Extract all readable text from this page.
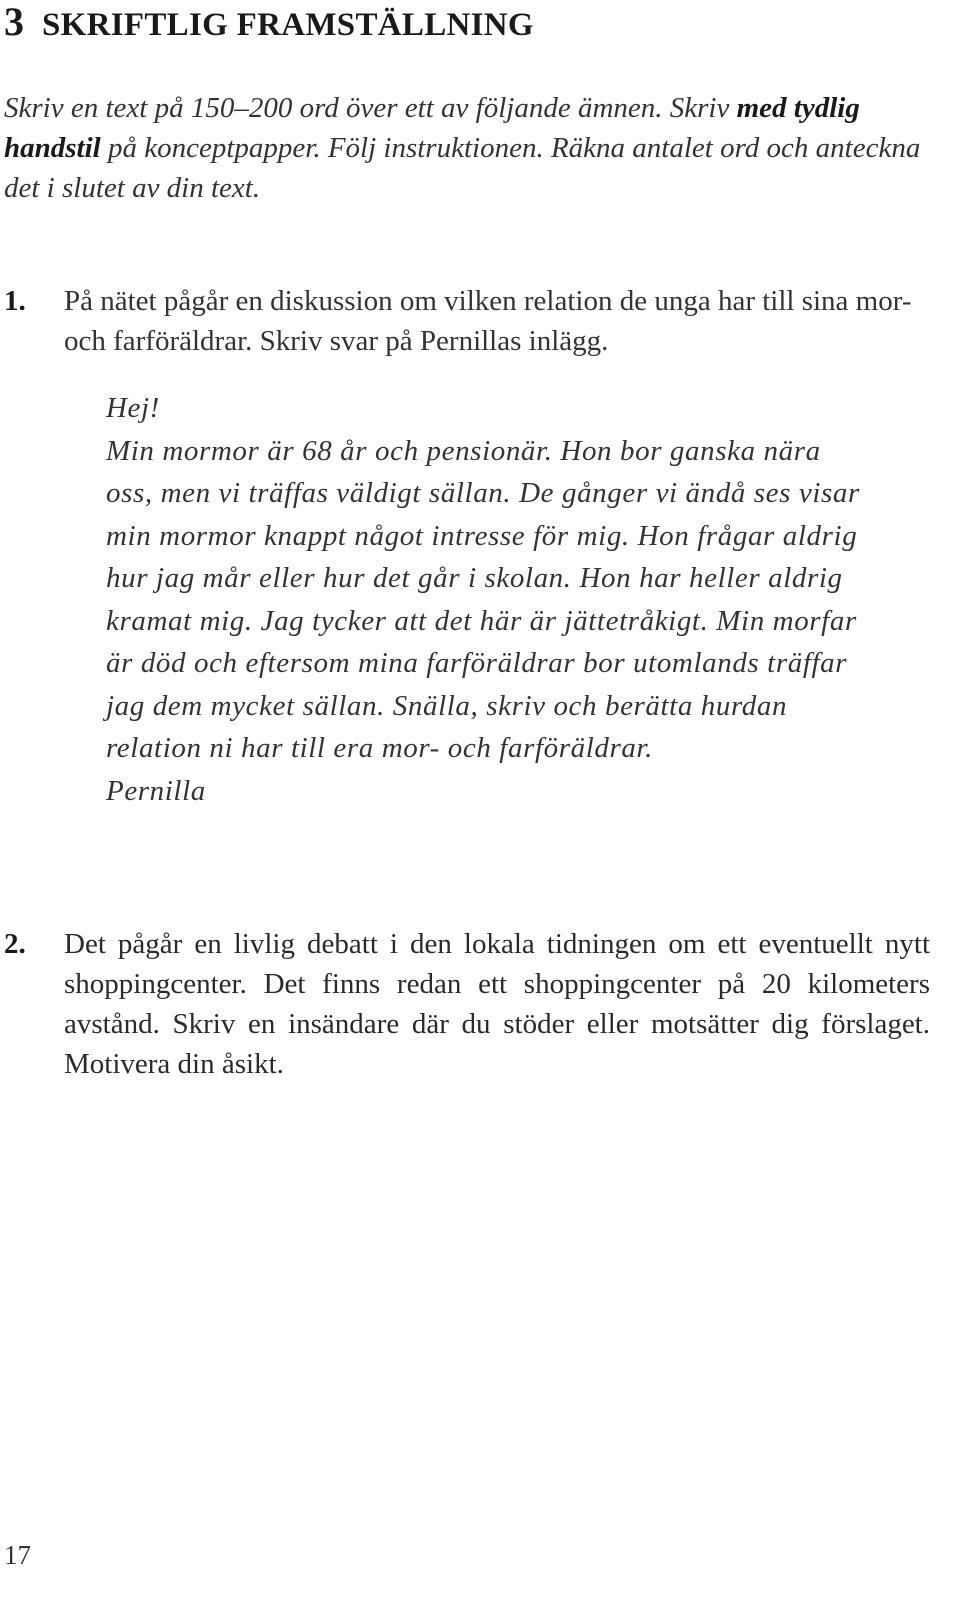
3 SKRIFTLIG FRAMSTÄLLNING

Skriv en text på 150–200 ord över ett av följande ämnen. Skriv med tydlig handstil på konceptpapper. Följ instruktionen. Räkna antalet ord och anteckna det i slutet av din text.

1. På nätet pågår en diskussion om vilken relation de unga har till sina mor- och farföräldrar. Skriv svar på Pernillas inlägg.

Hej!

Min mormor är 68 år och pensionär. Hon bor ganska nära oss, men vi träffas väldigt sällan. De gånger vi ändå ses visar min mormor knappt något intresse för mig. Hon frågar aldrig hur jag mår eller hur det går i skolan. Hon har heller aldrig kramat mig. Jag tycker att det här är jättetråkigt. Min morfar är död och eftersom mina farföräldrar bor utomlands träffar jag dem mycket sällan. Snälla, skriv och berätta hurdan relation ni har till era mor- och farföräldrar.

Pernilla

2. Det pågår en livlig debatt i den lokala tidningen om ett eventuellt nytt shoppingcenter. Det finns redan ett shoppingcenter på 20 kilometers avstånd. Skriv en insändare där du stöder eller motsätter dig förslaget. Motivera din åsikt.
17
